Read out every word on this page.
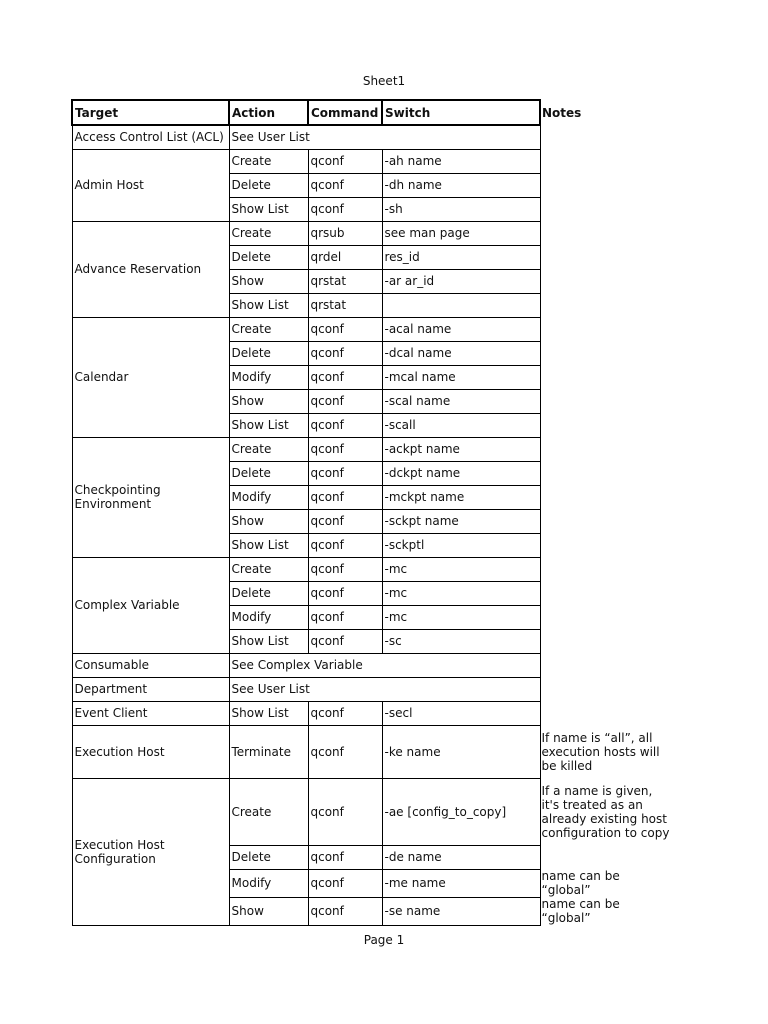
Sheet1
Target	Action	Command	Switch	Notes
Access Control List (ACL)	See User List			
Admin Host	Create	qconf	-ah name	
	Delete	qconf	-dh name	
	Show List	qconf	-sh	
Advance Reservation	Create	qrsub	see man page	
	Delete	qrdel	res_id	
	Show	qrstat	-ar ar_id	
	Show List	qrstat		
Calendar	Create	qconf	-acal name	
	Delete	qconf	-dcal name	
	Modify	qconf	-mcal name	
	Show	qconf	-scal name	
	Show List	qconf	-scall	
Checkpointing Environment	Create	qconf	-ackpt name	
	Delete	qconf	-dckpt name	
	Modify	qconf	-mckpt name	
	Show	qconf	-sckpt name	
	Show List	qconf	-sckptl	
Complex Variable	Create	qconf	-mc	
	Delete	qconf	-mc	
	Modify	qconf	-mc	
	Show List	qconf	-sc	
Consumable	See Complex Variable			
Department	See User List			
Event Client	Show List	qconf	-secl	
Execution Host	Terminate	qconf	-ke name	If name is “all”, all execution hosts will be killed
Execution Host Configuration	Create	qconf	-ae [config_to_copy]	If a name is given, it's treated as an already existing host configuration to copy
	Delete	qconf	-de name	
	Modify	qconf	-me name	name can be “global”
	Show	qconf	-se name	name can be “global”
Page 1
